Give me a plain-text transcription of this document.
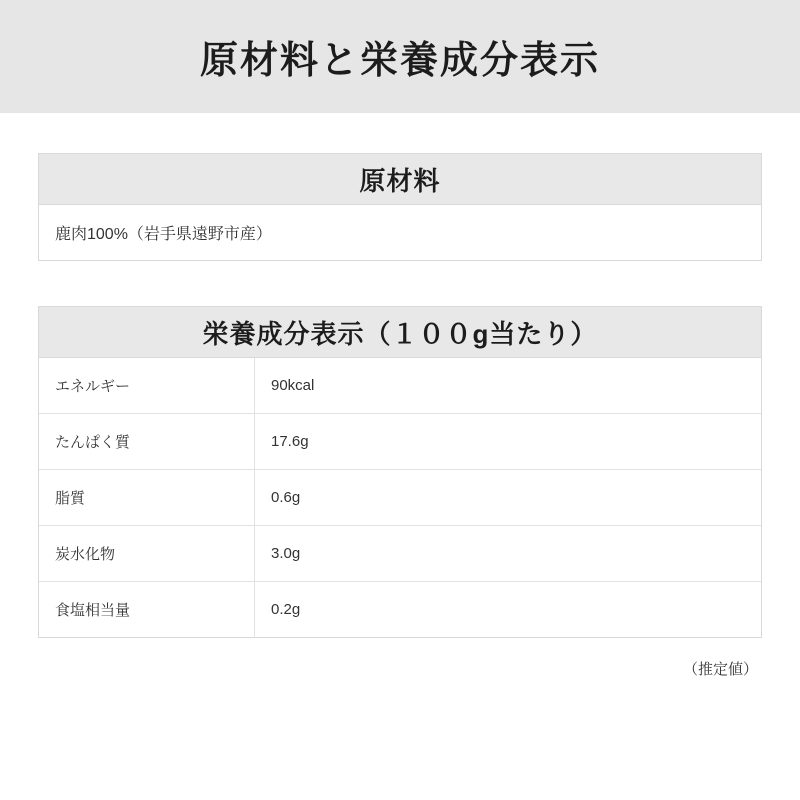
原材料と栄養成分表示
原材料
鹿肉100%（岩手県遠野市産）
栄養成分表示（１００g当たり）
エネルギー	90kcal
たんぱく質	17.6g
脂質	0.6g
炭水化物	3.0g
食塩相当量	0.2g
（推定値）
